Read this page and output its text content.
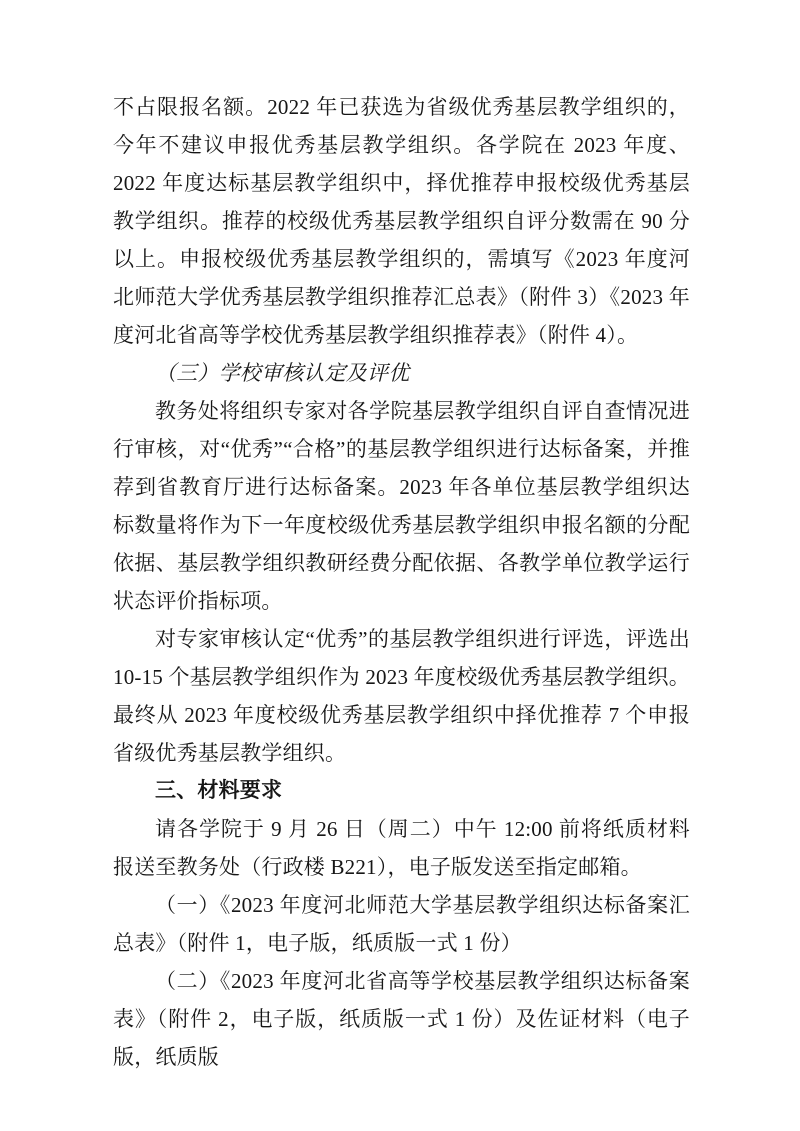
不占限报名额。2022 年已获选为省级优秀基层教学组织的，今年不建议申报优秀基层教学组织。各学院在 2023 年度、2022 年度达标基层教学组织中，择优推荐申报校级优秀基层教学组织。推荐的校级优秀基层教学组织自评分数需在 90 分以上。申报校级优秀基层教学组织的，需填写《2023 年度河北师范大学优秀基层教学组织推荐汇总表》（附件 3）《2023 年度河北省高等学校优秀基层教学组织推荐表》（附件 4）。

（三）学校审核认定及评优

教务处将组织专家对各学院基层教学组织自评自查情况进行审核，对“优秀”“合格”的基层教学组织进行达标备案，并推荐到省教育厅进行达标备案。2023 年各单位基层教学组织达标数量将作为下一年度校级优秀基层教学组织申报名额的分配依据、基层教学组织教研经费分配依据、各教学单位教学运行状态评价指标项。

对专家审核认定“优秀”的基层教学组织进行评选，评选出 10-15 个基层教学组织作为 2023 年度校级优秀基层教学组织。最终从 2023 年度校级优秀基层教学组织中择优推荐 7 个申报省级优秀基层教学组织。

三、材料要求

请各学院于 9 月 26 日（周二）中午 12:00 前将纸质材料报送至教务处（行政楼 B221），电子版发送至指定邮箱。

（一）《2023 年度河北师范大学基层教学组织达标备案汇总表》（附件 1，电子版，纸质版一式 1 份）

（二）《2023 年度河北省高等学校基层教学组织达标备案表》（附件 2，电子版，纸质版一式 1 份）及佐证材料（电子版，纸质版
